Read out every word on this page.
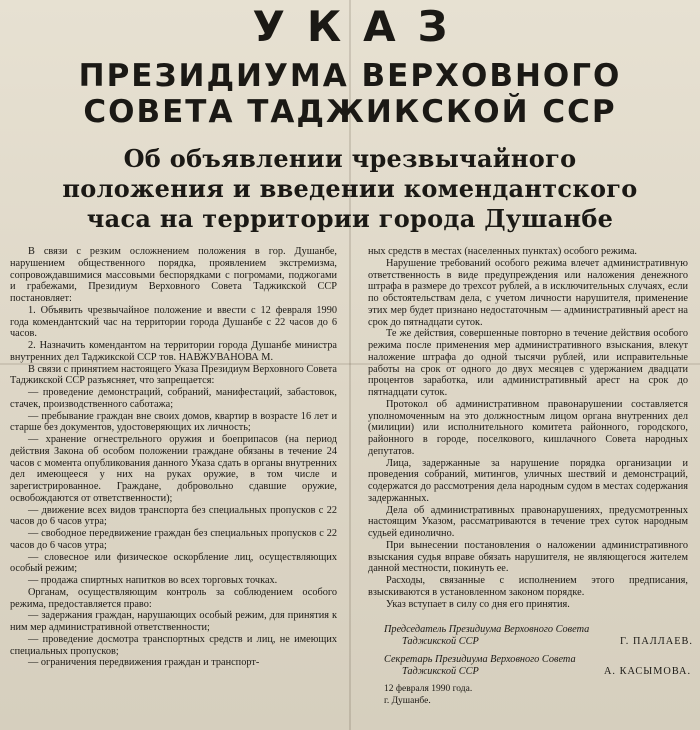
УКАЗ
ПРЕЗИДИУМА ВЕРХОВНОГО
СОВЕТА ТАДЖИКСКОЙ ССР
Об объявлении чрезвычайного
положения и введении комендантского
часа на территории города Душанбе

В связи с резким осложнением положения в гор. Душанбе, нарушением общественного порядка, проявлением экстремизма, сопровождавшимися массовыми беспорядками с погромами, поджогами и грабежами, Президиум Верховного Совета Таджикской ССР постановляет:

1. Объявить чрезвычайное положение и ввести с 12 февраля 1990 года комендантский час на территории города Душанбе с 22 часов до 6 часов.

2. Назначить комендантом на территории города Душанбе министра внутренних дел Таджикской ССР тов. НАВЖУВАНОВА М.

В связи с принятием настоящего Указа Президиум Верховного Совета Таджикской ССР разъясняет, что запрещается:

— проведение демонстраций, собраний, манифестаций, забастовок, стачек, производственного саботажа;

— пребывание граждан вне своих домов, квартир в возрасте 16 лет и старше без документов, удостоверяющих их личность;

— хранение огнестрельного оружия и боеприпасов (на период действия Закона об особом положении граждане обязаны в течение 24 часов с момента опубликования данного Указа сдать в органы внутренних дел имеющееся у них на руках оружие, в том числе и зарегистрированное. Граждане, добровольно сдавшие оружие, освобождаются от ответственности);

— движение всех видов транспорта без специальных пропусков с 22 часов до 6 часов утра;

— свободное передвижение граждан без специальных пропусков с 22 часов до 6 часов утра;

— словесное или физическое оскорбление лиц, осуществляющих особый режим;

— продажа спиртных напитков во всех торговых точках.

Органам, осуществляющим контроль за соблюдением особого режима, предоставляется право:

— задержания граждан, нарушающих особый режим, для принятия к ним мер административной ответственности;

— проведение досмотра транспортных средств и лиц, не имеющих специальных пропусков;

— ограничения передвижения граждан и транспорт-

ных средств в местах (населенных пунктах) особого режима.

Нарушение требований особого режима влечет административную ответственность в виде предупреждения или наложения денежного штрафа в размере до трехсот рублей, а в исключительных случаях, если по обстоятельствам дела, с учетом личности нарушителя, применение этих мер будет признано недостаточным — административный арест на срок до пятнадцати суток.

Те же действия, совершенные повторно в течение действия особого режима после применения мер административного взыскания, влекут наложение штрафа до одной тысячи рублей, или исправительные работы на срок от одного до двух месяцев с удержанием двадцати процентов заработка, или административный арест на срок до пятнадцати суток.

Протокол об административном правонарушении составляется уполномоченным на это должностным лицом органа внутренних дел (милиции) или исполнительного комитета районного, городского, районного в городе, поселкового, кишлачного Совета народных депутатов.

Лица, задержанные за нарушение порядка организации и проведения собраний, митингов, уличных шествий и демонстраций, содержатся до рассмотрения дела народным судом в местах содержания задержанных.

Дела об административных правонарушениях, предусмотренных настоящим Указом, рассматриваются в течение трех суток народным судьей единолично.

При вынесении постановления о наложении административного взыскания судья вправе обязать нарушителя, не являющегося жителем данной местности, покинуть ее.

Расходы, связанные с исполнением этого предписания, взыскиваются в установленном законом порядке.

Указ вступает в силу со дня его принятия.

Председатель Президиума Верховного Совета
Таджикской ССР	Г. ПАЛЛАЕВ.
Секретарь Президиума Верховного Совета
Таджикской ССР	А. КАСЫМОВА.
12 февраля 1990 года.
г. Душанбе.
